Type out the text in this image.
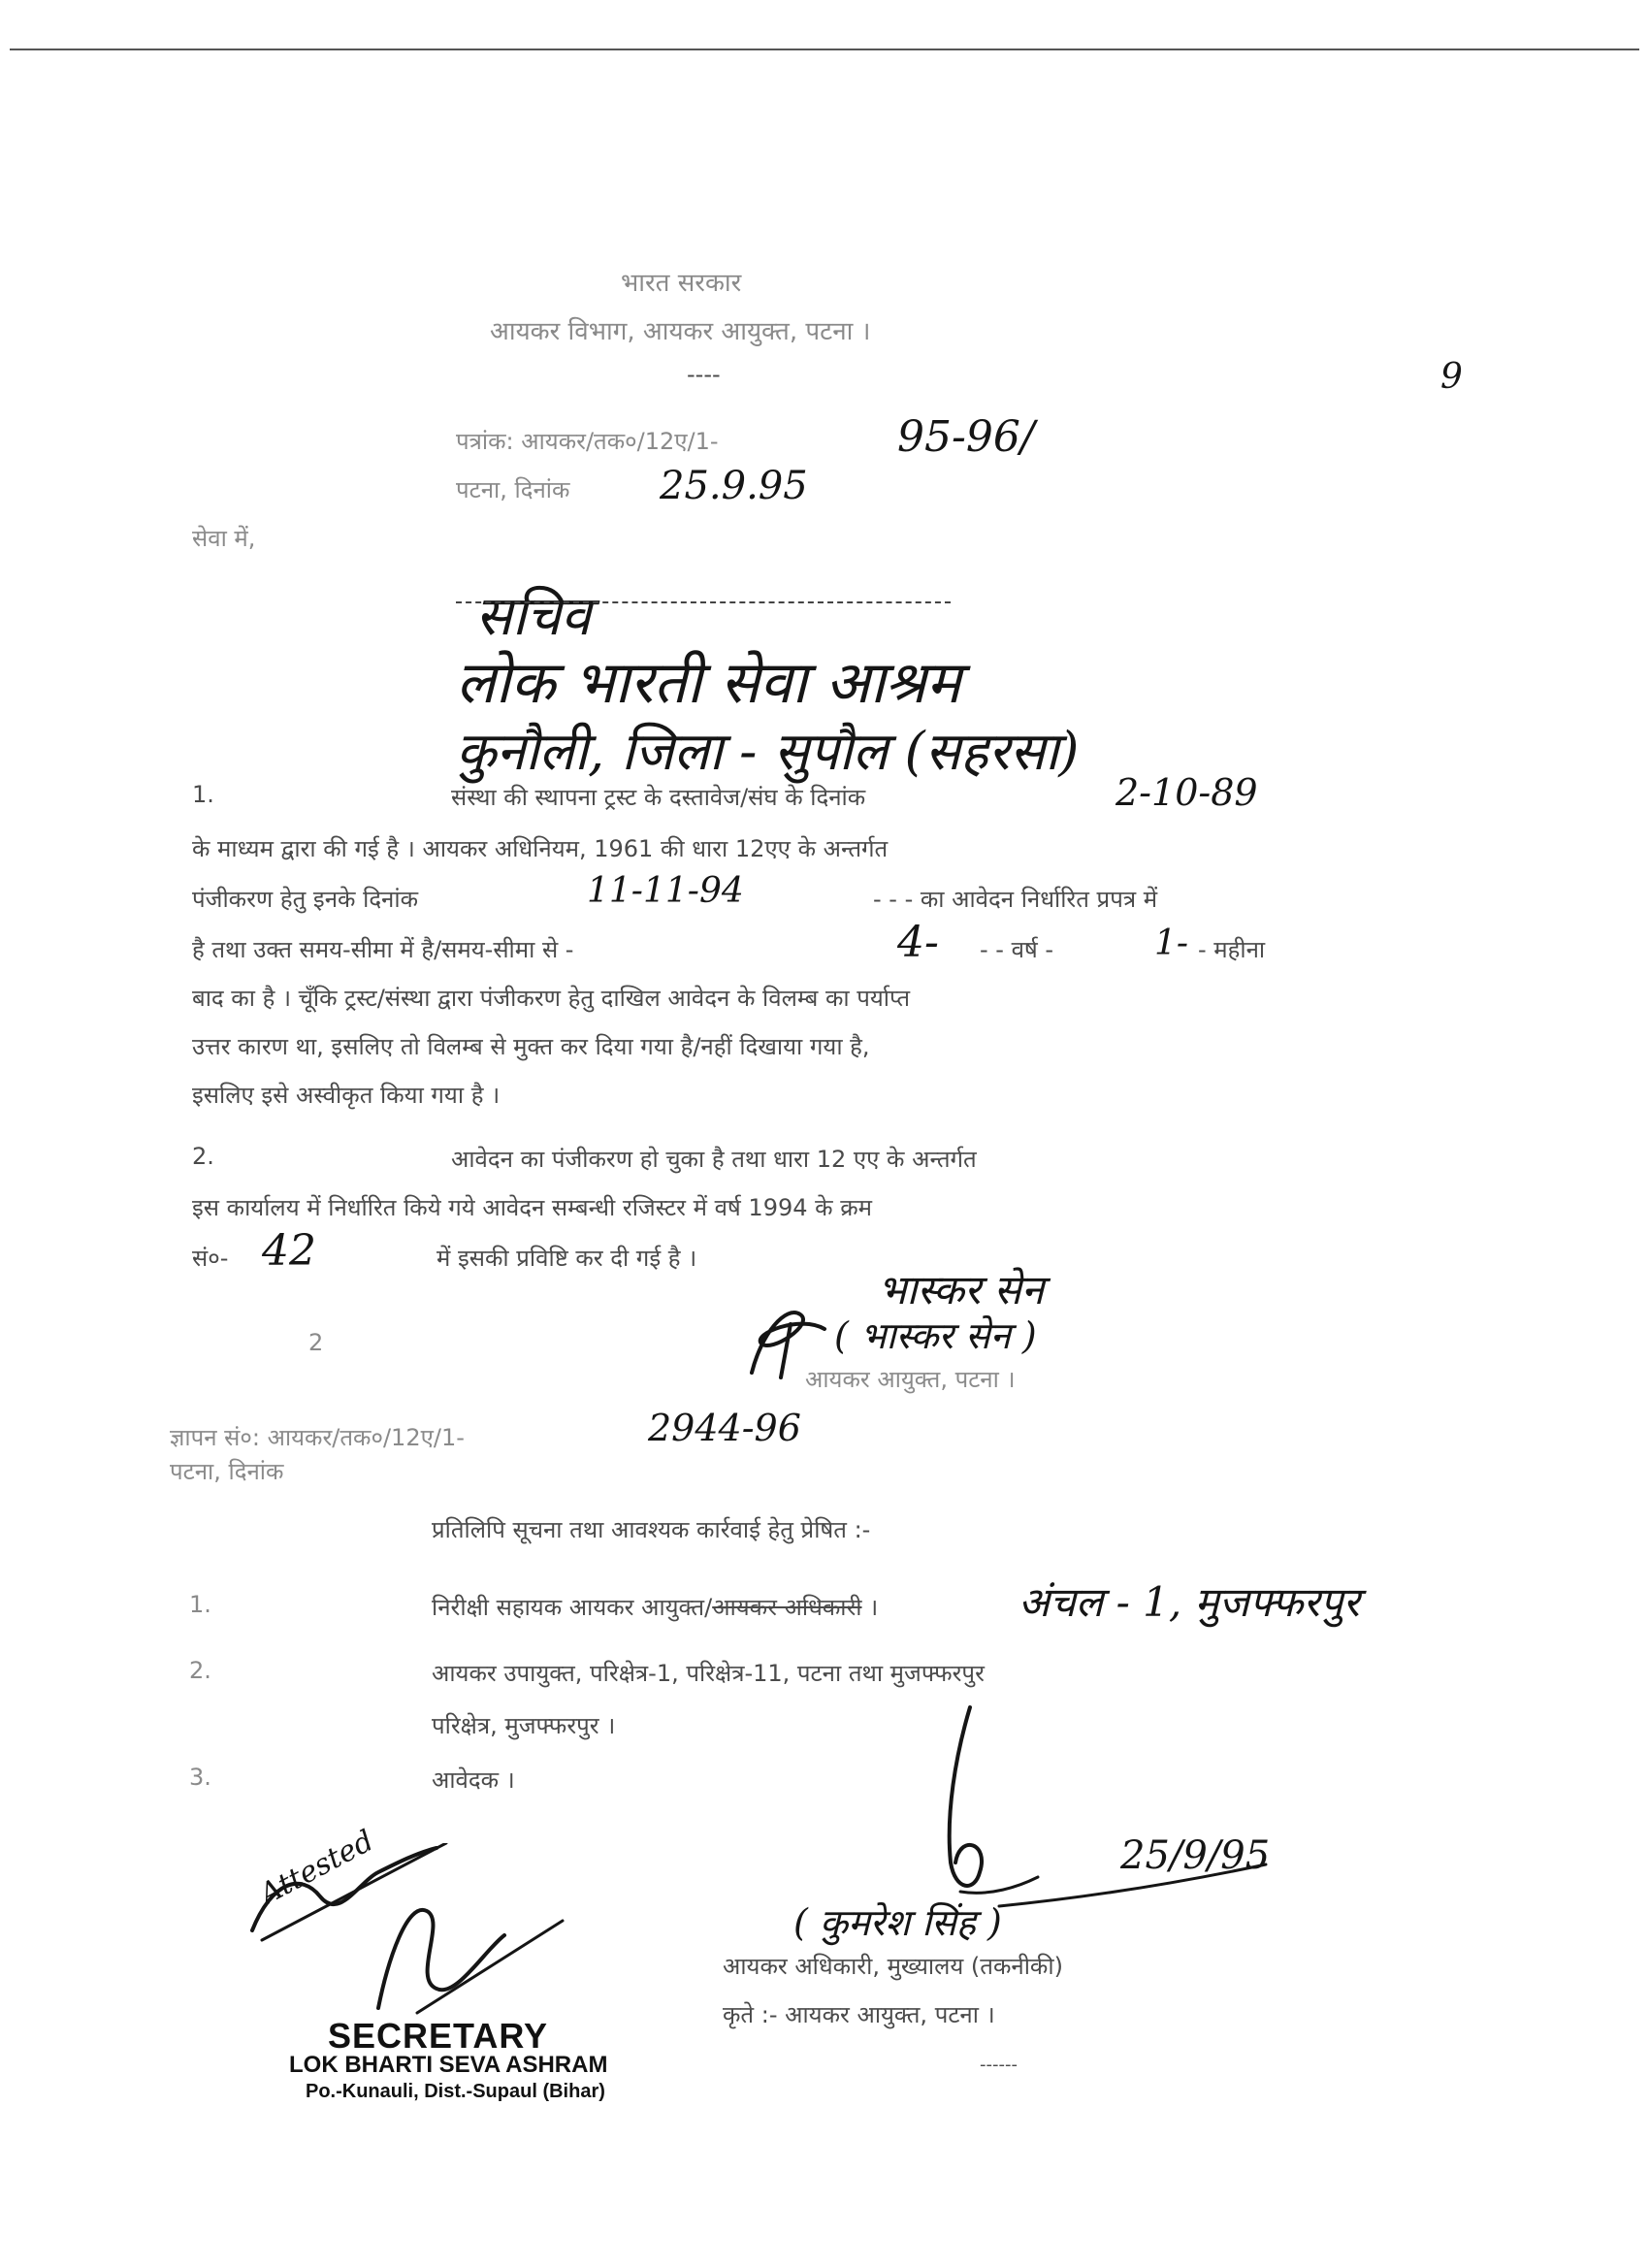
भारत सरकार
आयकर विभाग, आयकर आयुक्त, पटना ।
----	9
पत्रांक: आयकर/तक०/12ए/1-	95-96/
पटना, दिनांक 25.9.95
सेवा में,
सचिव
लोक भारती सेवा आश्रम
कुनौली, जिला - सुपौल (सहरसा)
1.	संस्था की स्थापना ट्रस्ट के दस्तावेज/संघ के दिनांक	2-10-89
के माध्यम द्वारा की गई है । आयकर अधिनियम, 1961 की धारा 12एए के अन्तर्गत
पंजीकरण हेतु इनके दिनांक	11-11-94	- - - का आवेदन निर्धारित प्रपत्र में
है तथा उक्त समय-सीमा में है/समय-सीमा से -	4- - - वर्ष -	1- - महीना
बाद का है । चूँकि ट्रस्ट/संस्था द्वारा पंजीकरण हेतु दाखिल आवेदन के विलम्ब का पर्याप्त
उत्तर कारण था, इसलिए तो विलम्ब से मुक्त कर दिया गया है/नहीं दिखाया गया है,
इसलिए इसे अस्वीकृत किया गया है ।
2.	आवेदन का पंजीकरण हो चुका है तथा धारा 12 एए के अन्तर्गत
इस कार्यालय में निर्धारित किये गये आवेदन सम्बन्धी रजिस्टर में वर्ष 1994 के क्रम
सं०- 42	में इसकी प्रविष्टि कर दी गई है ।
भास्कर सेन
( भास्कर सेन )
आयकर आयुक्त, पटना ।
2
ज्ञापन सं०: आयकर/तक०/12ए/1-	2944-96
पटना, दिनांक
प्रतिलिपि सूचना तथा आवश्यक कार्रवाई हेतु प्रेषित :-
1.	निरीक्षी सहायक आयकर आयुक्त/आयकर अधिकारी ।	अंचल - 1, मुजफ्फरपुर
2.	आयकर उपायुक्त, परिक्षेत्र-1, परिक्षेत्र-11, पटना तथा मुजफ्फरपुर
परिक्षेत्र, मुजफ्फरपुर ।
3.	आवेदक ।
25/9/95
( कुमरेश सिंह )
आयकर अधिकारी, मुख्यालय (तकनीकी)
कृते :- आयकर आयुक्त, पटना ।
------
Attested
SECRETARY
LOK BHARTI SEVA ASHRAM
Po.-Kunauli, Dist.-Supaul (Bihar)
